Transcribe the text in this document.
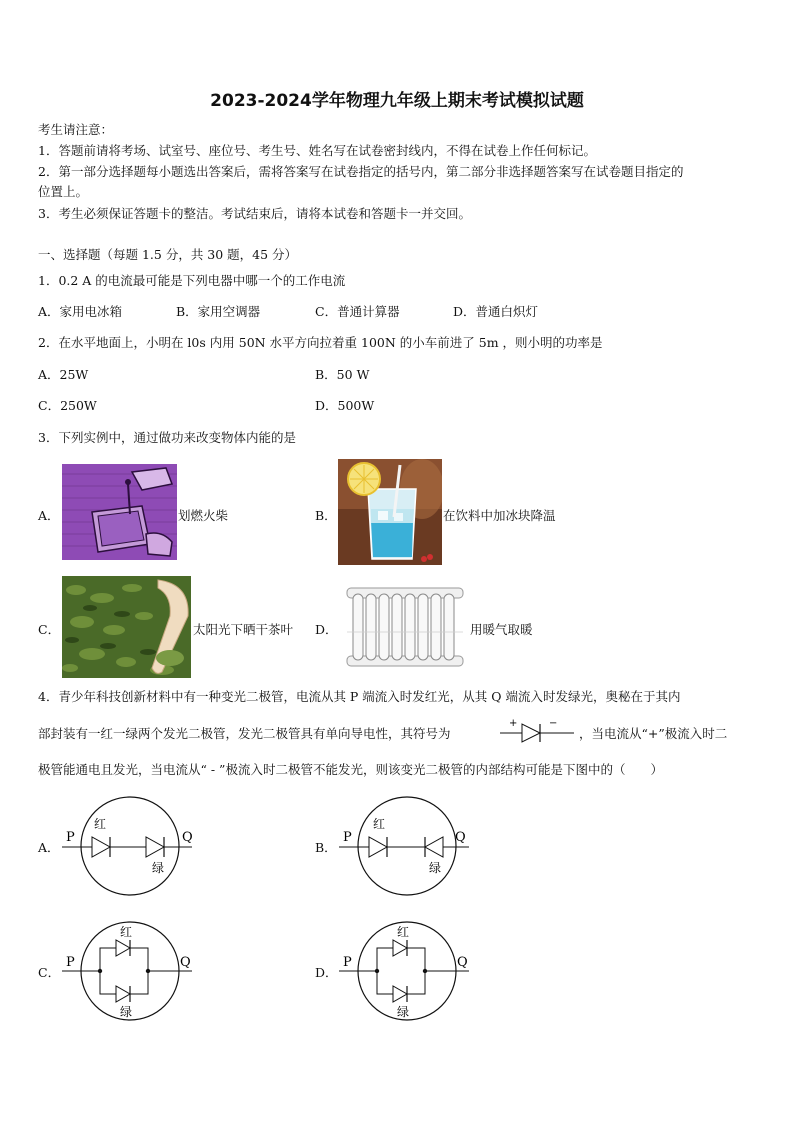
2023-2024学年物理九年级上期末考试模拟试题
考生请注意：
1．答题前请将考场、试室号、座位号、考生号、姓名写在试卷密封线内，不得在试卷上作任何标记。
2．第一部分选择题每小题选出答案后，需将答案写在试卷指定的括号内，第二部分非选择题答案写在试卷题目指定的
位置上。
3．考生必须保证答题卡的整洁。考试结束后，请将本试卷和答题卡一并交回。
一、选择题（每题 1.5 分，共 30 题，45 分）
1．0.2 A 的电流最可能是下列电器中哪一个的工作电流
A．家用电冰箱	B．家用空调器	C．普通计算器	D．普通白炽灯
2．在水平地面上，小明在 l0s 内用 50N 水平方向拉着重 100N 的小车前进了 5m ，则小明的功率是
A．25W	B．50 W
C．250W	D．500W
3．下列实例中，通过做功来改变物体内能的是
A．	划燃火柴	B．	在饮料中加冰块降温
C．	太阳光下晒干茶叶 D．	用暖气取暖
4．青少年科技创新材料中有一种变光二极管，电流从其 P 端流入时发红光，从其 Q 端流入时发绿光，奥秘在于其内
部封装有一红一绿两个发光二极管，发光二极管具有单向导电性，其符号为
+	−
，当电流从“+”极流入时二
极管能通电且发光，当电流从“ - ”极流入时二极管不能发光，则该变光二极管的内部结构可能是下图中的（　　）
A．
P	Q
红
绿
B．
P	Q
红
绿
C．
P	Q
红
绿
D．
P	Q
红
绿
